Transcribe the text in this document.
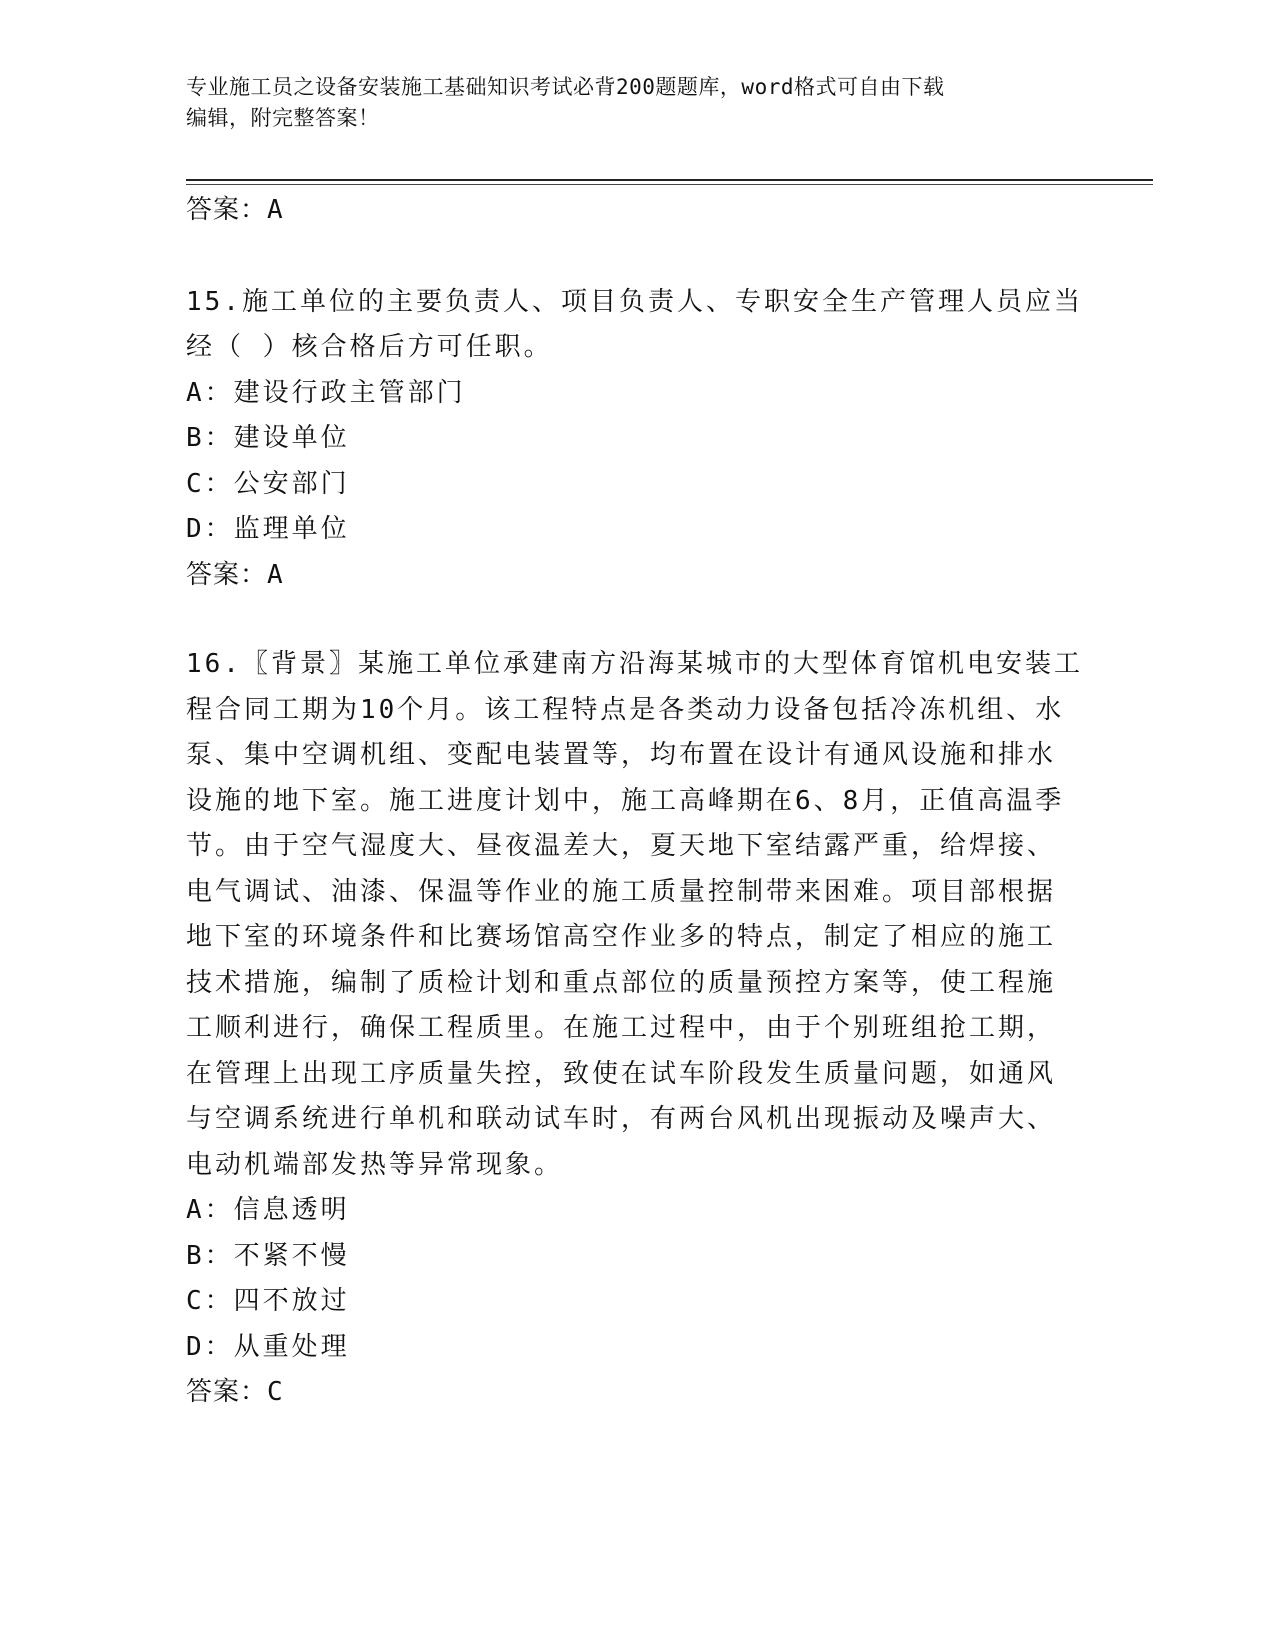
专业施工员之设备安装施工基础知识考试必背200题题库，word格式可自由下载
编辑，附完整答案！
答案：A
15.施工单位的主要负责人、项目负责人、专职安全生产管理人员应当
经（ ）核合格后方可任职。
A：建设行政主管部门
B：建设单位
C：公安部门
D：监理单位
答案：A
16.〖背景〗某施工单位承建南方沿海某城市的大型体育馆机电安装工
程合同工期为10个月。该工程特点是各类动力设备包括冷冻机组、水
泵、集中空调机组、变配电装置等，均布置在设计有通风设施和排水
设施的地下室。施工进度计划中，施工高峰期在6、8月，正值高温季
节。由于空气湿度大、昼夜温差大，夏天地下室结露严重，给焊接、
电气调试、油漆、保温等作业的施工质量控制带来困难。项目部根据
地下室的环境条件和比赛场馆高空作业多的特点，制定了相应的施工
技术措施，编制了质检计划和重点部位的质量预控方案等，使工程施
工顺利进行，确保工程质里。在施工过程中，由于个别班组抢工期，
在管理上出现工序质量失控，致使在试车阶段发生质量问题，如通风
与空调系统进行单机和联动试车时，有两台风机出现振动及噪声大、
电动机端部发热等异常现象。
A：信息透明
B：不紧不慢
C：四不放过
D：从重处理
答案：C
